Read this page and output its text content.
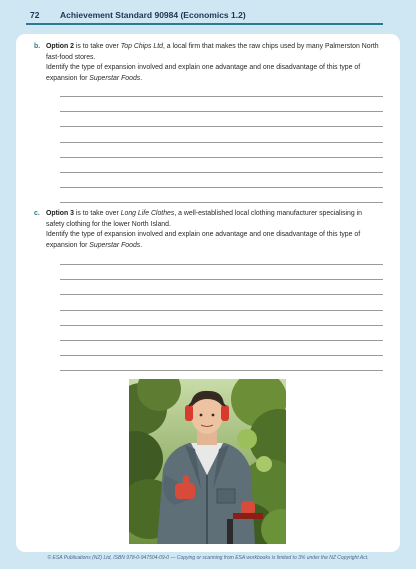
72 Achievement Standard 90984 (Economics 1.2)
b. Option 2 is to take over Top Chips Ltd, a local firm that makes the raw chips used by many Palmerston North fast-food stores.

Identify the type of expansion involved and explain one advantage and one disadvantage of this type of expansion for Superstar Foods.

c. Option 3 is to take over Long Life Clothes, a well-established local clothing manufacturer specialising in safety clothing for the lower North Island.

Identify the type of expansion involved and explain one advantage and one disadvantage of this type of expansion for Superstar Foods.

© ESA Publications (NZ) Ltd, ISBN 978-0-947504-09-0 — Copying or scanning from ESA workbooks is limited to 3% under the NZ Copyright Act.
